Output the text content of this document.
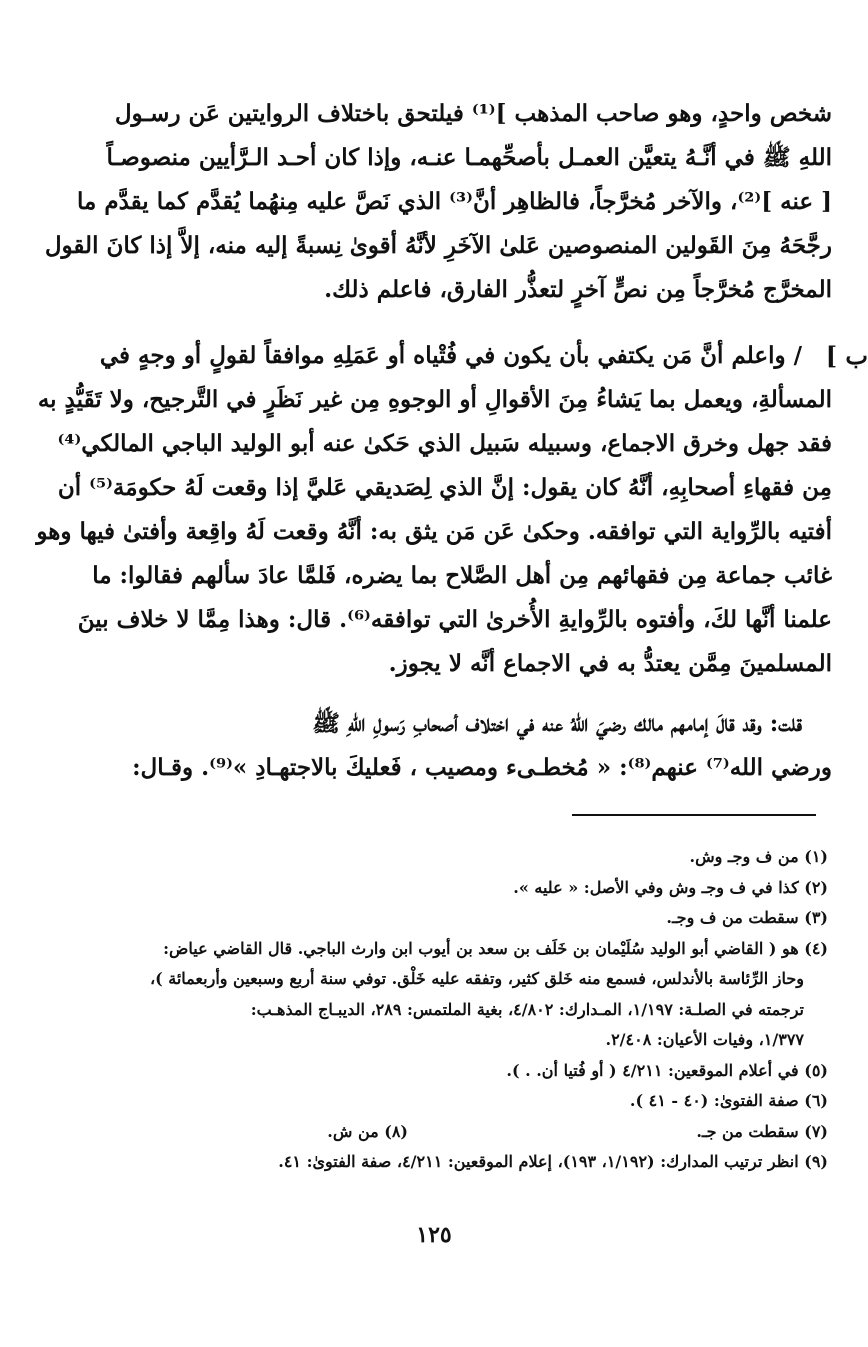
ب ]
شخص واحدٍ، وهو صاحب المذهب ]⁽¹⁾ فيلتحق باختلاف الروايتين عَن رسـول
اللهِ ﷺ في أنَّـهُ يتعيَّن العمـل بأصحِّهمـا عنـه، وإذا كان أحـد الـرَّأيين منصوصـاً
[ عنه ]⁽²⁾، والآخر مُخرَّجاً، فالظاهِر أنَّ⁽³⁾ الذي نَصَّ عليه مِنهُما يُقدَّم كما يقدَّم ما
رجَّحَهُ مِنَ القَولين المنصوصين عَلىٰ الآخَرِ لأنَّهُ أقوىٰ نِسبةً إليه منه، إلاَّ إذا كانَ القول
المخرَّج مُخرَّجاً مِن نصٍّ آخرٍ لتعذُّر الفارق، فاعلم ذلك.
/ واعلم أنَّ مَن يكتفي بأن يكون في فُتْياه أو عَمَلِهِ موافقاً لقولٍ أو وجهٍ في
المسألةِ، ويعمل بما يَشاءُ مِنَ الأقوالِ أو الوجوهِ مِن غير نَظَرٍ في التَّرجيح، ولا تَقَيُّدٍ به
فقد جهل وخرق الاجماع، وسبيله سَبيل الذي حَكىٰ عنه أبو الوليد الباجي المالكي⁽⁴⁾
مِن فقهاءِ أصحابِهِ، أنَّهُ كان يقول: إنَّ الذي لِصَديقي عَليَّ إذا وقعت لَهُ حكومَة⁽⁵⁾ أن
أفتيه بالرِّواية التي توافقه. وحكىٰ عَن مَن يثق به: أنَّهُ وقعت لَهُ واقِعة وأفتىٰ فيها وهو
غائب جماعة مِن فقهائهم مِن أهل الصَّلاح بما يضره، فَلمَّا عادَ سألهم فقالوا: ما
علمنا أنَّها لكَ، وأفتوه بالرِّوايةِ الأُخرىٰ التي توافقه⁽⁶⁾. قال: وهذا مِمَّا لا خلاف بينَ
المسلمينَ مِمَّن يعتدُّ به في الاجماع أنَّه لا يجوز.
قلت: وقد قالَ إمامهم مالك رضيَ اللهُ عنه في اختلاف أصحابِ رَسولِ اللهِ ﷺ
ورضي الله⁽⁷⁾ عنهم⁽⁸⁾: « مُخطـىء ومصيب ، فَعليكَ بالاجتهـادِ »⁽⁹⁾. وقـال:
(١) من ف وجـ وش.
(٢) كذا في ف وجـ وش وفي الأصل: « عليه ».
(٣) سقطت من ف وجـ.
(٤) هو ( القاضي أبو الوليد سُلَيْمان بن خَلَف بن سعد بن أيوب ابن وارث الباجي. قال القاضي عياض:
وحاز الرِّئاسة بالأندلس، فسمع منه خَلق كثير، وتفقه عليه خَلْق. توفي سنة أربع وسبعين وأربعمائة )،
ترجمته في الصلـة: ١/١٩٧، المـدارك: ٤/٨٠٢، بغية الملتمس: ٢٨٩، الديبـاج المذهـب:
١/٣٧٧، وفيات الأعيان: ٢/٤٠٨.
(٥) في أعلام الموقعين: ٤/٢١١ ( أو فُتيا أن. . ).
(٦) صفة الفتوىٰ: (٤٠ - ٤١ ).
(٧) سقطت من جـ.
(٨) من ش.
(٩) انظر ترتيب المدارك: (١/١٩٢، ١٩٣)، إعلام الموقعين: ٤/٢١١، صفة الفتوىٰ: ٤١.
١٢٥
